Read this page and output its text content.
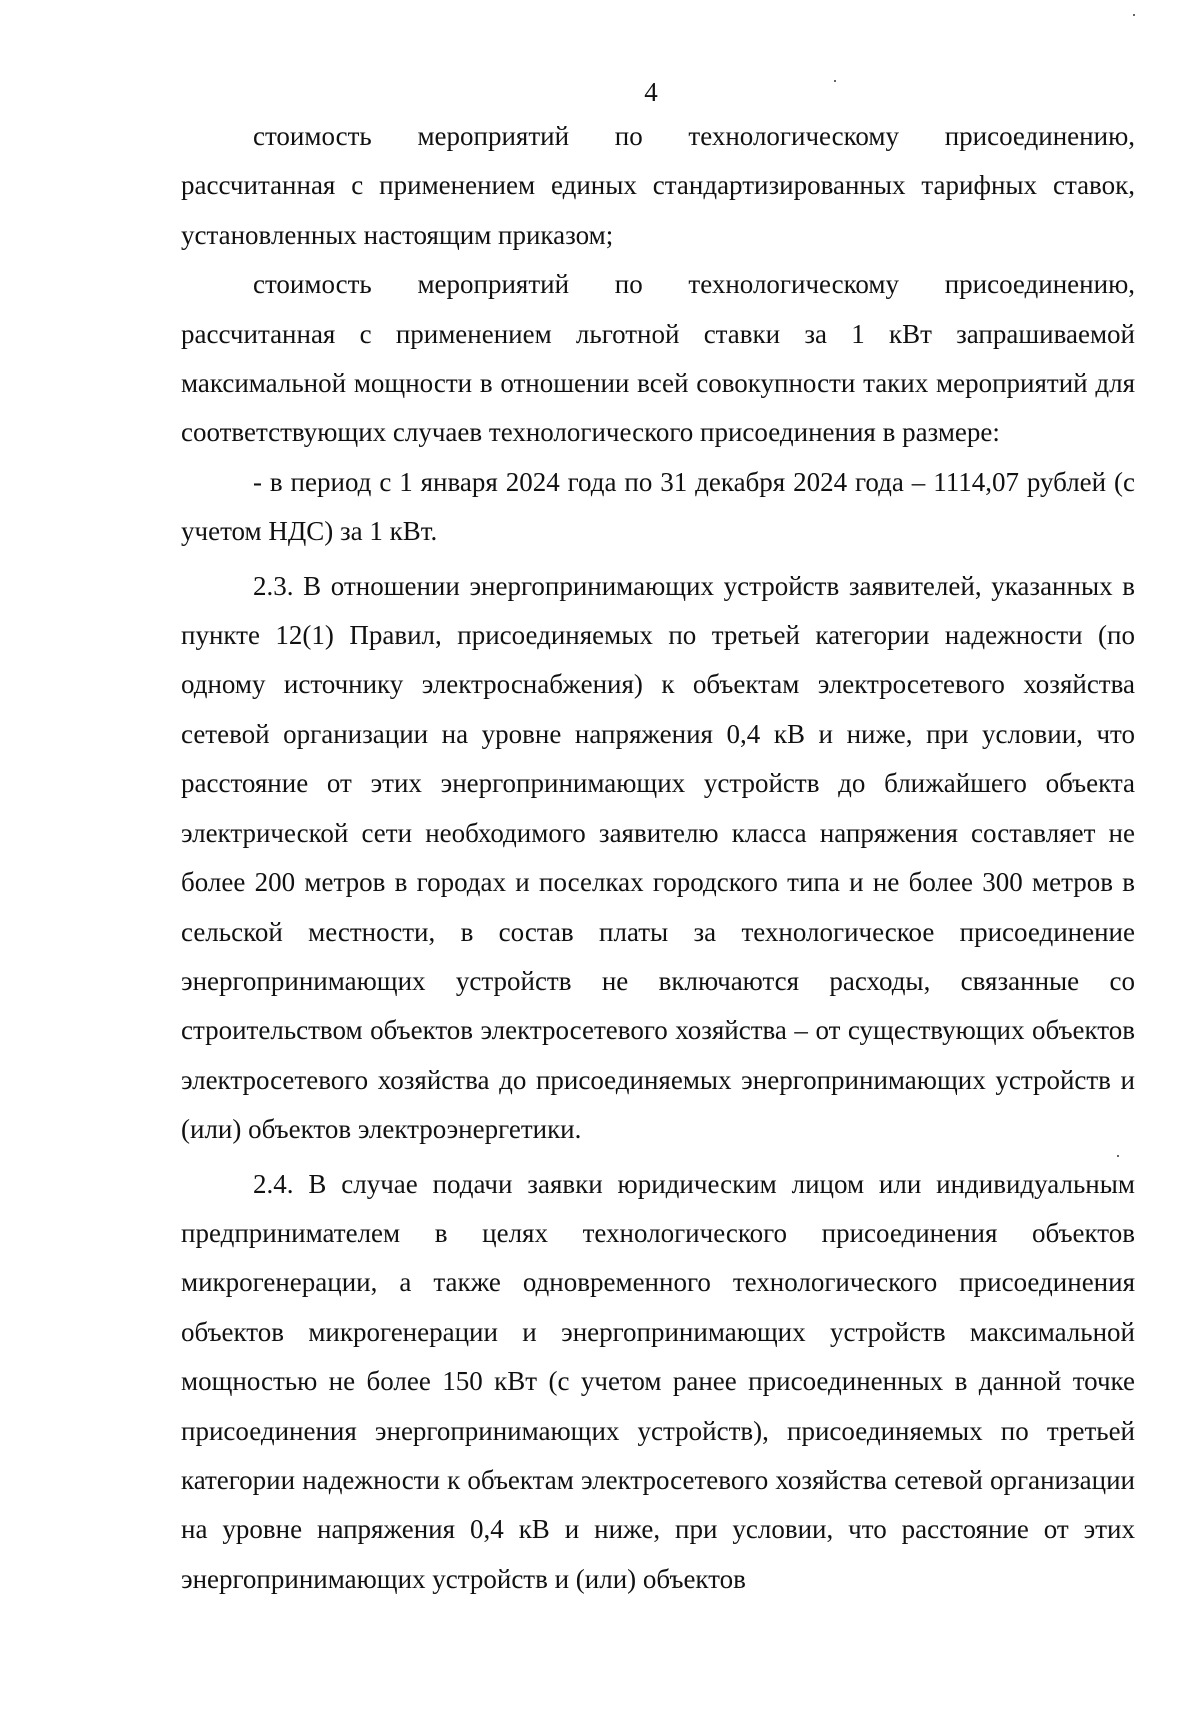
4

стоимость мероприятий по технологическому присоединению, рассчитанная с применением единых стандартизированных тарифных ставок, установленных настоящим приказом;

стоимость мероприятий по технологическому присоединению, рассчитанная с применением льготной ставки за 1 кВт запрашиваемой максимальной мощности в отношении всей совокупности таких мероприятий для соответствующих случаев технологического присоединения в размере:

- в период с 1 января 2024 года по 31 декабря 2024 года – 1114,07 рублей (с учетом НДС) за 1 кВт.

2.3. В отношении энергопринимающих устройств заявителей, указанных в пункте 12(1) Правил, присоединяемых по третьей категории надежности (по одному источнику электроснабжения) к объектам электросетевого хозяйства сетевой организации на уровне напряжения 0,4 кВ и ниже, при условии, что расстояние от этих энергопринимающих устройств до ближайшего объекта электрической сети необходимого заявителю класса напряжения составляет не более 200 метров в городах и поселках городского типа и не более 300 метров в сельской местности, в состав платы за технологическое присоединение энергопринимающих устройств не включаются расходы, связанные со строительством объектов электросетевого хозяйства – от существующих объектов электросетевого хозяйства до присоединяемых энергопринимающих устройств и (или) объектов электроэнергетики.

2.4. В случае подачи заявки юридическим лицом или индивидуальным предпринимателем в целях технологического присоединения объектов микрогенерации, а также одновременного технологического присоединения объектов микрогенерации и энергопринимающих устройств максимальной мощностью не более 150 кВт (с учетом ранее присоединенных в данной точке присоединения энергопринимающих устройств), присоединяемых по третьей категории надежности к объектам электросетевого хозяйства сетевой организации на уровне напряжения 0,4 кВ и ниже, при условии, что расстояние от этих энергопринимающих устройств и (или) объектов
